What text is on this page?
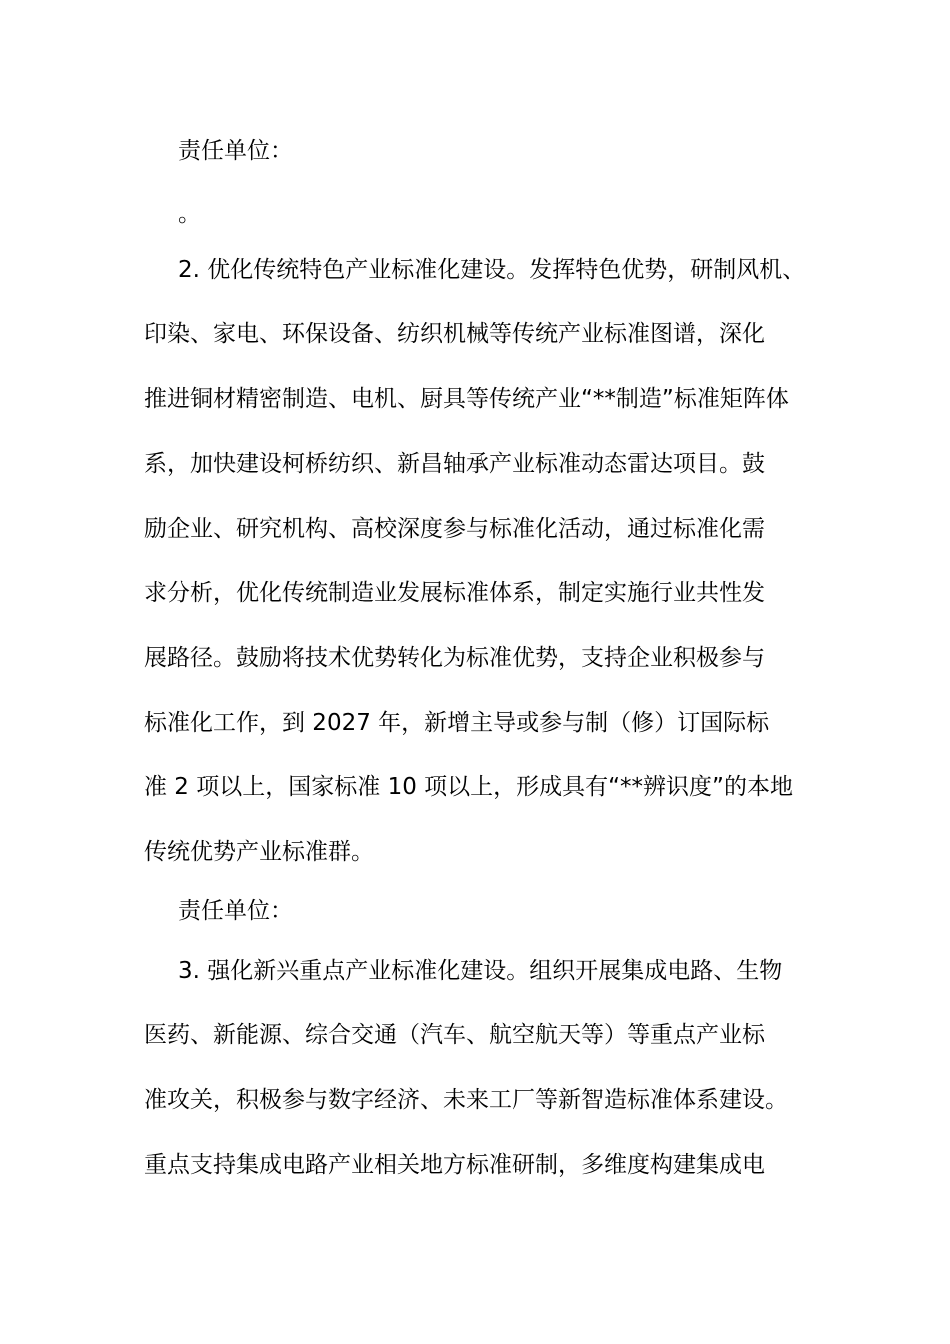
责任单位：
。
2. 优化传统特色产业标准化建设。发挥特色优势，研制风机、
印染、家电、环保设备、纺织机械等传统产业标准图谱，深化
推进铜材精密制造、电机、厨具等传统产业“**制造”标准矩阵体
系，加快建设柯桥纺织、新昌轴承产业标准动态雷达项目。鼓
励企业、研究机构、高校深度参与标准化活动，通过标准化需
求分析，优化传统制造业发展标准体系，制定实施行业共性发
展路径。鼓励将技术优势转化为标准优势，支持企业积极参与
标准化工作，到 2027 年，新增主导或参与制（修）订国际标
准 2 项以上，国家标准 10 项以上，形成具有“**辨识度”的本地
传统优势产业标准群。
责任单位：
3. 强化新兴重点产业标准化建设。组织开展集成电路、生物
医药、新能源、综合交通（汽车、航空航天等）等重点产业标
准攻关，积极参与数字经济、未来工厂等新智造标准体系建设。
重点支持集成电路产业相关地方标准研制，多维度构建集成电
